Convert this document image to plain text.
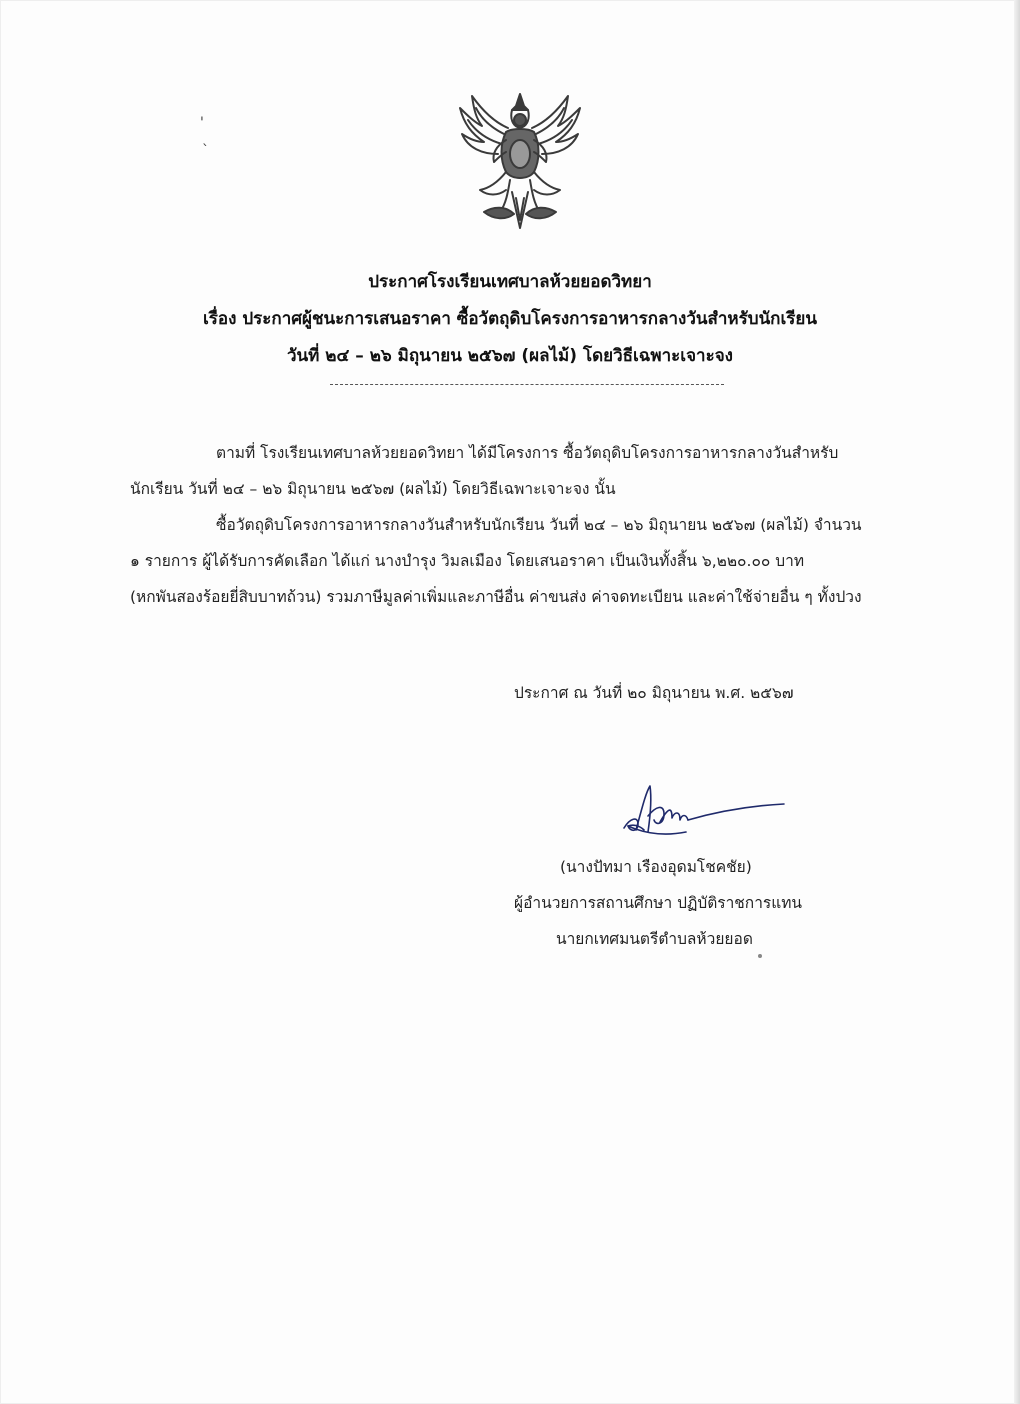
'
`
ประกาศโรงเรียนเทศบาลห้วยยอดวิทยา
เรื่อง ประกาศผู้ชนะการเสนอราคา ซื้อวัตถุดิบโครงการอาหารกลางวันสำหรับนักเรียน
วันที่ ๒๔ – ๒๖ มิถุนายน ๒๕๖๗ (ผลไม้) โดยวิธีเฉพาะเจาะจง
ตามที่ โรงเรียนเทศบาลห้วยยอดวิทยา ได้มีโครงการ ซื้อวัตถุดิบโครงการอาหารกลางวันสำหรับ
นักเรียน วันที่ ๒๔ – ๒๖ มิถุนายน ๒๕๖๗ (ผลไม้) โดยวิธีเฉพาะเจาะจง นั้น
ซื้อวัตถุดิบโครงการอาหารกลางวันสำหรับนักเรียน วันที่ ๒๔ – ๒๖ มิถุนายน ๒๕๖๗ (ผลไม้) จำนวน
๑ รายการ ผู้ได้รับการคัดเลือก ได้แก่ นางบำรุง วิมลเมือง โดยเสนอราคา เป็นเงินทั้งสิ้น ๖,๒๒๐.๐๐ บาท
(หกพันสองร้อยยี่สิบบาทถ้วน) รวมภาษีมูลค่าเพิ่มและภาษีอื่น ค่าขนส่ง ค่าจดทะเบียน และค่าใช้จ่ายอื่น ๆ ทั้งปวง
ประกาศ ณ วันที่ ๒๐ มิถุนายน พ.ศ. ๒๕๖๗
(นางปัทมา เรืองอุดมโชคชัย)
ผู้อำนวยการสถานศึกษา ปฏิบัติราชการแทน
นายกเทศมนตรีตำบลห้วยยอด
